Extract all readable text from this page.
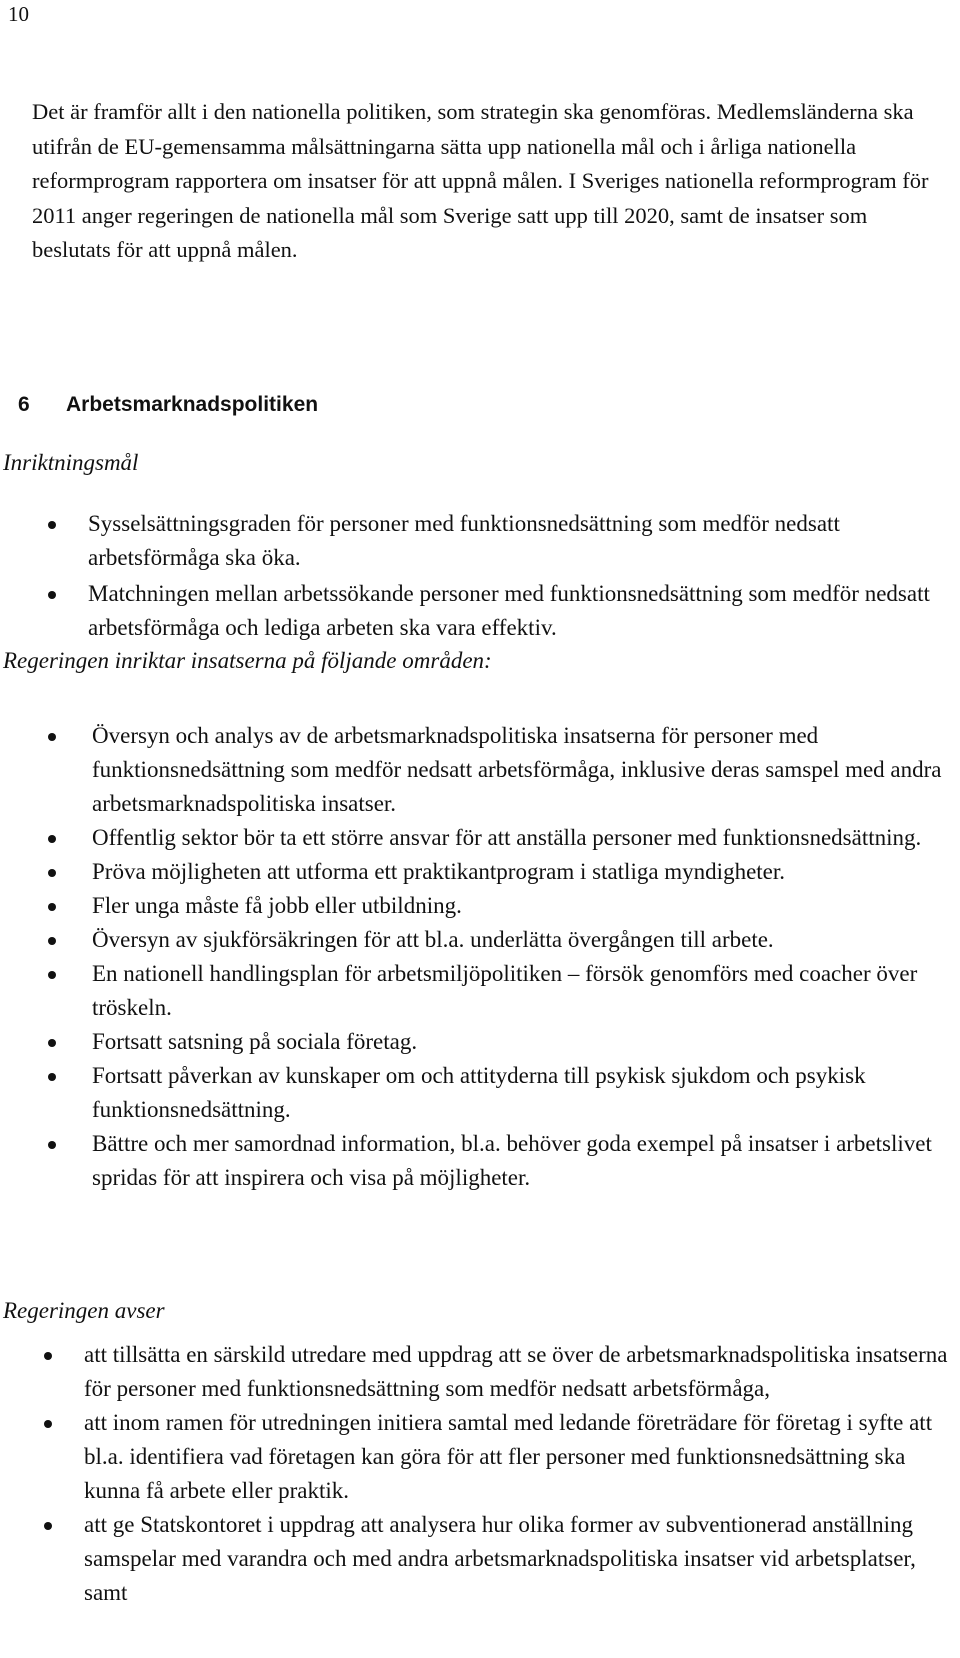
10

Det är framför allt i den nationella politiken, som strategin ska genomföras. Medlemsländerna ska utifrån de EU-gemensamma målsättningarna sätta upp nationella mål och i årliga nationella reformprogram rapportera om insatser för att uppnå målen. I Sveriges nationella reformprogram för 2011 anger regeringen de nationella mål som Sverige satt upp till 2020, samt de insatser som beslutats för att uppnå målen.

6 Arbetsmarknadspolitiken

Inriktningsmål

Sysselsättningsgraden för personer med funktionsnedsättning som medför nedsatt arbetsförmåga ska öka.
Matchningen mellan arbetssökande personer med funktionsnedsättning som medför nedsatt arbetsförmåga och lediga arbeten ska vara effektiv.

Regeringen inriktar insatserna på följande områden:

Översyn och analys av de arbetsmarknadspolitiska insatserna för personer med funktionsnedsättning som medför nedsatt arbetsförmåga, inklusive deras samspel med andra arbetsmarknadspolitiska insatser.
Offentlig sektor bör ta ett större ansvar för att anställa personer med funktionsnedsättning.
Pröva möjligheten att utforma ett praktikantprogram i statliga myndigheter.
Fler unga måste få jobb eller utbildning.
Översyn av sjukförsäkringen för att bl.a. underlätta övergången till arbete.
En nationell handlingsplan för arbetsmiljöpolitiken – försök genomförs med coacher över tröskeln.
Fortsatt satsning på sociala företag.
Fortsatt påverkan av kunskaper om och attityderna till psykisk sjukdom och psykisk funktionsnedsättning.
Bättre och mer samordnad information, bl.a. behöver goda exempel på insatser i arbetslivet spridas för att inspirera och visa på möjligheter.

Regeringen avser

att tillsätta en särskild utredare med uppdrag att se över de arbetsmarknadspolitiska insatserna för personer med funktionsnedsättning som medför nedsatt arbetsförmåga,
att inom ramen för utredningen initiera samtal med ledande företrädare för företag i syfte att bl.a. identifiera vad företagen kan göra för att fler personer med funktionsnedsättning ska kunna få arbete eller praktik.
att ge Statskontoret i uppdrag att analysera hur olika former av subventionerad anställning samspelar med varandra och med andra arbetsmarknadspolitiska insatser vid arbetsplatser, samt
